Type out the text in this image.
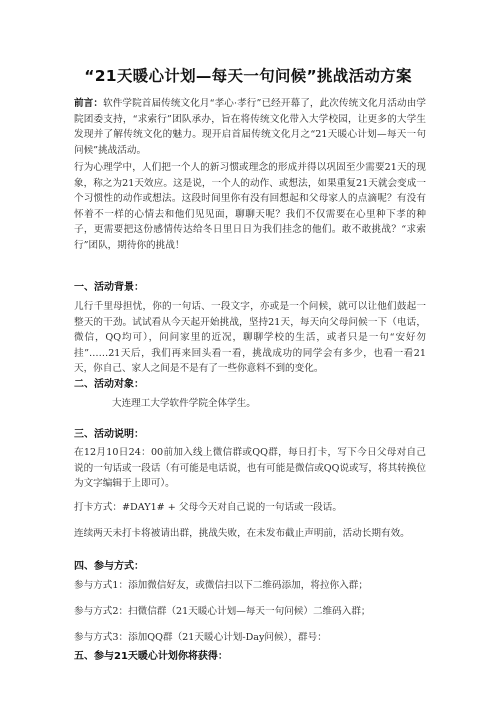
“21天暖心计划—每天一句问候”挑战活动方案
前言：软件学院首届传统文化月“孝心·孝行”已经开幕了，此次传统文化月活动由学院团委支持，“求索行”团队承办，旨在将传统文化带入大学校园，让更多的大学生发现并了解传统文化的魅力。现开启首届传统文化月之“21天暖心计划—每天一句问候”挑战活动。
行为心理学中，人们把一个人的新习惯或理念的形成并得以巩固至少需要21天的现象，称之为21天效应。这是说，一个人的动作、或想法，如果重复21天就会变成一个习惯性的动作或想法。这段时间里你有没有回想起和父母家人的点滴呢？有没有怀着不一样的心情去和他们见见面，聊聊天呢？我们不仅需要在心里种下孝的种子，更需要把这份感情传达给冬日里日日为我们挂念的他们。敢不敢挑战？“求索行”团队，期待你的挑战！
一、活动背景：
儿行千里母担忧，你的一句话、一段文字，亦或是一个问候，就可以让他们鼓起一整天的干劲。试试看从今天起开始挑战，坚持21天，每天向父母问候一下（电话，微信，QQ均可），问问家里的近况，聊聊学校的生活，或者只是一句“安好勿挂”……21天后，我们再来回头看一看，挑战成功的同学会有多少，也看一看21天，你自己、家人之间是不是有了一些你意料不到的变化。
二、活动对象：
大连理工大学软件学院全体学生。
三、活动说明：
在12月10日24：00前加入线上微信群或QQ群，每日打卡，写下今日父母对自己说的一句话或一段话（有可能是电话说，也有可能是微信或QQ说或写，将其转换位为文字编辑于上即可）。
打卡方式：#DAY1# + 父母今天对自己说的一句话或一段话。
连续两天未打卡将被请出群，挑战失败，在未发布截止声明前，活动长期有效。
四、参与方式：
参与方式1：添加微信好友，或微信扫以下二维码添加，将拉你入群；
参与方式2：扫微信群（21天暖心计划—每天一句问候）二维码入群；
参与方式3：添加QQ群（21天暖心计划-Day问候），群号：
五、参与21天暖心计划你将获得：
